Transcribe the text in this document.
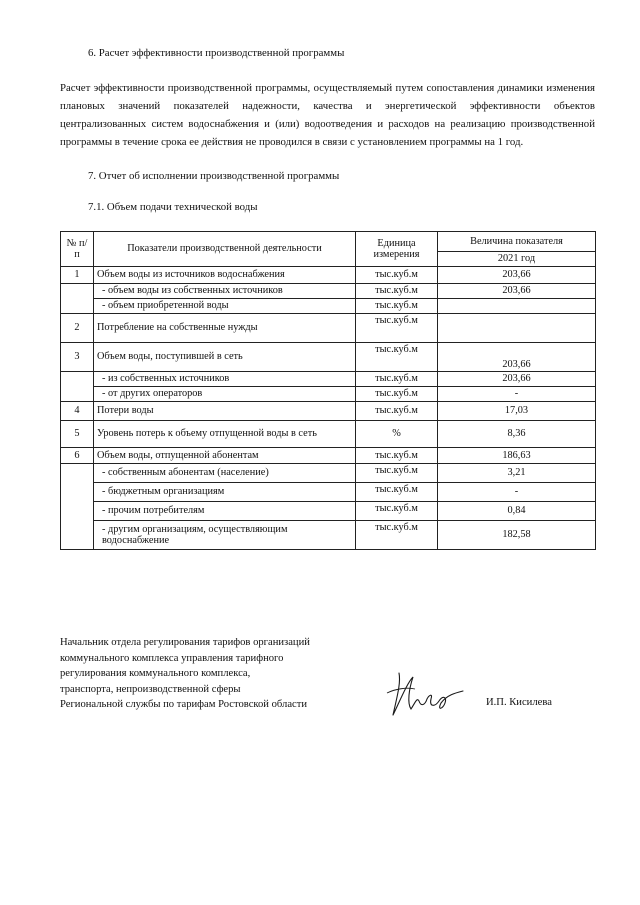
6. Расчет эффективности производственной программы

Расчет эффективности производственной программы, осуществляемый путем сопоставления динамики изменения плановых значений показателей надежности, качества и энергетической эффективности объектов централизованных систем водоснабжения и (или) водоотведения и расходов на реализацию производственной программы в течение срока ее действия не проводился в связи с установлением программы на 1 год.

7. Отчет об исполнении производственной программы
7.1. Объем подачи технической воды
№ п/п	Показатели производственной деятельности	Единица измерения	Величина показателя
			2021 год
1	Объем воды из источников водоснабжения	тыс.куб.м	203,66
	- объем воды из собственных источников	тыс.куб.м	203,66
	- объем приобретенной воды	тыс.куб.м	
2	Потребление на собственные нужды	тыс.куб.м	
3	Объем воды, поступившей в сеть	тыс.куб.м	203,66
	- из собственных источников	тыс.куб.м	203,66
	- от других операторов	тыс.куб.м	-
4	Потери воды	тыс.куб.м	17,03
5	Уровень потерь к объему отпущенной воды в сеть	%	8,36
6	Объем воды, отпущенной абонентам	тыс.куб.м	186,63
	- собственным абонентам (население)	тыс.куб.м	3,21
	- бюджетным организациям	тыс.куб.м	-
	- прочим потребителям	тыс.куб.м	0,84
	- другим организациям, осуществляющим водоснабжение	тыс.куб.м	182,58
Начальник отдела регулирования тарифов организаций
коммунального комплекса управления тарифного
регулирования коммунального комплекса,
транспорта, непроизводственной сферы
Региональной службы по тарифам Ростовской области	И.П. Кисилева
